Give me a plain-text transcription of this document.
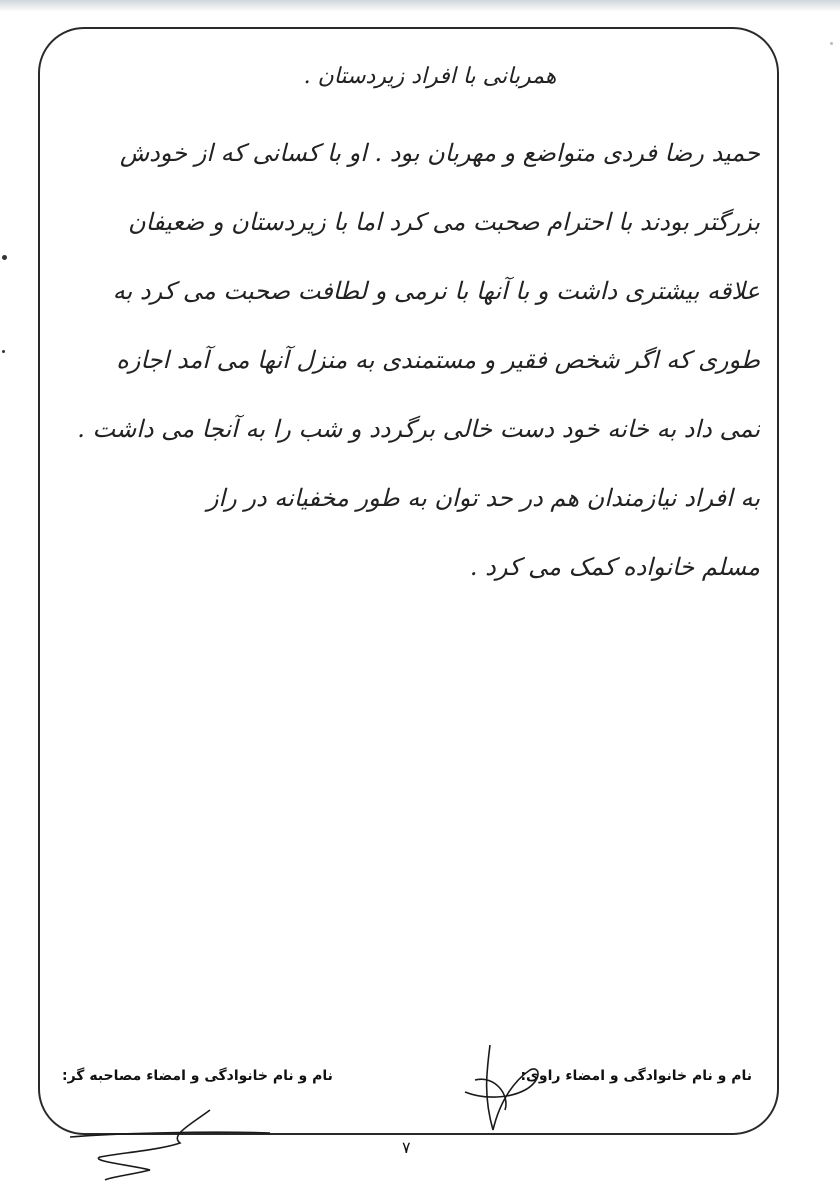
همربانی با افراد زیردستان .
حمید رضا فردی متواضع و مهربان بود . او با کسانی که از خودش
بزرگتر بودند با احترام صحبت می کرد اما با زیردستان و ضعیفان
علاقه بیشتری داشت و با آنها با نرمی و لطافت صحبت می کرد به
طوری که اگر شخص فقیر و مستمندی به منزل آنها می آمد اجازه
نمی داد به خانه خود دست خالی برگردد و شب را به آنجا می داشت .
به افراد نیازمندان هم در حد توان به طور مخفیانه در راز
مسلم خانواده کمک می کرد .
نام و نام خانوادگی و امضاء راوی:
نام و نام خانوادگی و امضاء مصاحبه گر:
۷
